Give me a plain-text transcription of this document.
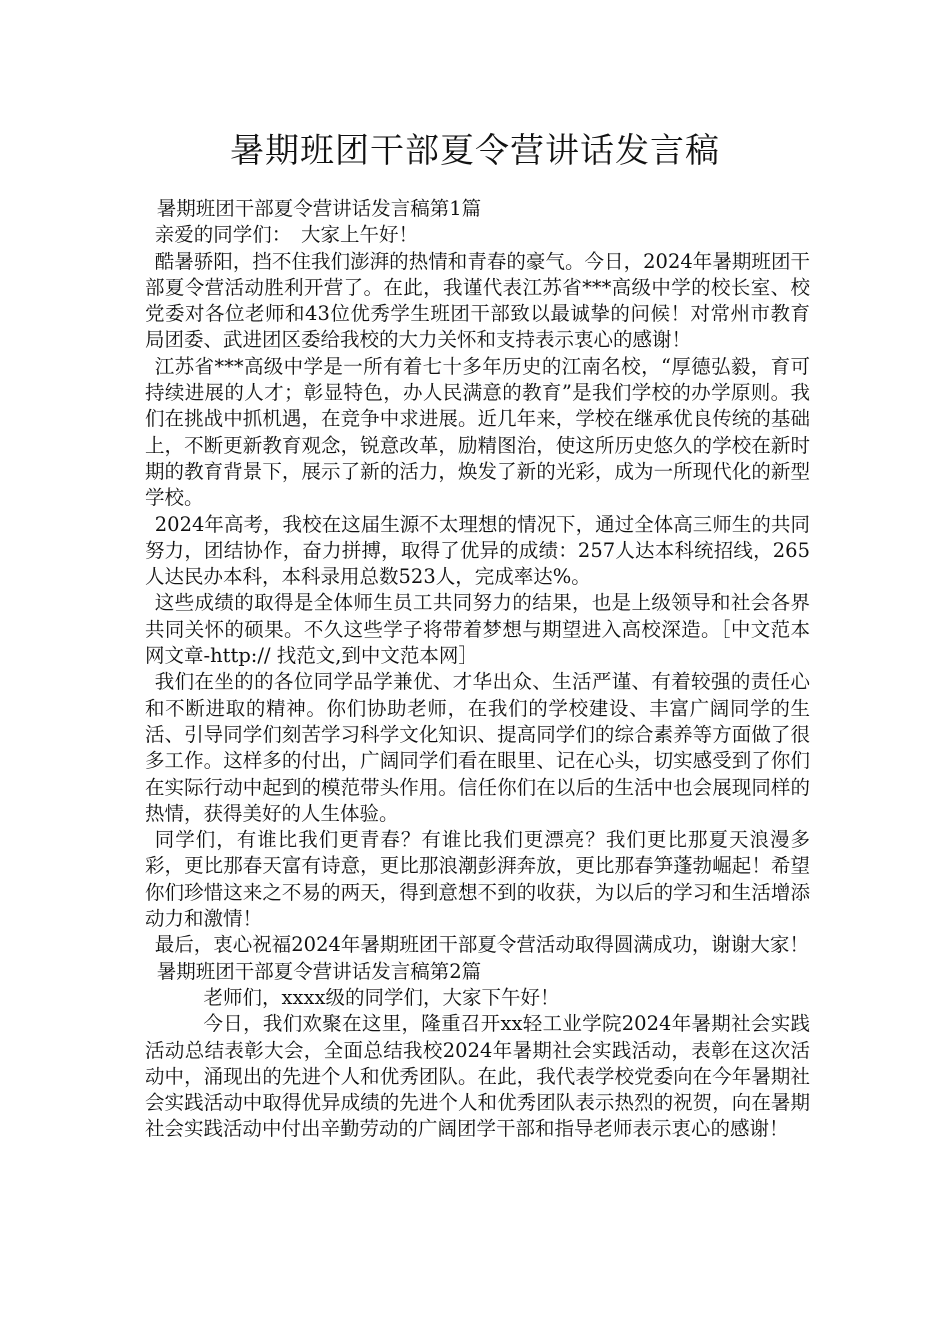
暑期班团干部夏令营讲话发言稿

暑期班团干部夏令营讲话发言稿第1篇

亲爱的同学们：　大家上午好！

酷暑骄阳，挡不住我们澎湃的热情和青春的豪气。今日，2024年暑期班团干部夏令营活动胜利开营了。在此，我谨代表江苏省***高级中学的校长室、校党委对各位老师和43位优秀学生班团干部致以最诚挚的问候！对常州市教育局团委、武进团区委给我校的大力关怀和支持表示衷心的感谢！

江苏省***高级中学是一所有着七十多年历史的江南名校，“厚德弘毅，育可持续进展的人才；彰显特色，办人民满意的教育”是我们学校的办学原则。我们在挑战中抓机遇，在竞争中求进展。近几年来，学校在继承优良传统的基础上，不断更新教育观念，锐意改革，励精图治，使这所历史悠久的学校在新时期的教育背景下，展示了新的活力，焕发了新的光彩，成为一所现代化的新型学校。

2024年高考，我校在这届生源不太理想的情况下，通过全体高三师生的共同努力，团结协作，奋力拼搏，取得了优异的成绩：257人达本科统招线，265人达民办本科，本科录用总数523人，完成率达%。

这些成绩的取得是全体师生员工共同努力的结果，也是上级领导和社会各界共同关怀的硕果。不久这些学子将带着梦想与期望进入高校深造。［中文范本网文章-http:// 找范文,到中文范本网］

我们在坐的的各位同学品学兼优、才华出众、生活严谨、有着较强的责任心和不断进取的精神。你们协助老师，在我们的学校建设、丰富广阔同学的生活、引导同学们刻苦学习科学文化知识、提高同学们的综合素养等方面做了很多工作。这样多的付出，广阔同学们看在眼里、记在心头，切实感受到了你们在实际行动中起到的模范带头作用。信任你们在以后的生活中也会展现同样的热情，获得美好的人生体验。

同学们，有谁比我们更青春？有谁比我们更漂亮？我们更比那夏天浪漫多彩，更比那春天富有诗意，更比那浪潮彭湃奔放，更比那春笋蓬勃崛起！希望你们珍惜这来之不易的两天，得到意想不到的收获，为以后的学习和生活增添动力和激情！

最后，衷心祝福2024年暑期班团干部夏令营活动取得圆满成功，谢谢大家！

暑期班团干部夏令营讲话发言稿第2篇

老师们，xxxx级的同学们，大家下午好！

今日，我们欢聚在这里，隆重召开xx轻工业学院2024年暑期社会实践活动总结表彰大会，全面总结我校2024年暑期社会实践活动，表彰在这次活动中，涌现出的先进个人和优秀团队。在此，我代表学校党委向在今年暑期社会实践活动中取得优异成绩的先进个人和优秀团队表示热烈的祝贺，向在暑期社会实践活动中付出辛勤劳动的广阔团学干部和指导老师表示衷心的感谢！
